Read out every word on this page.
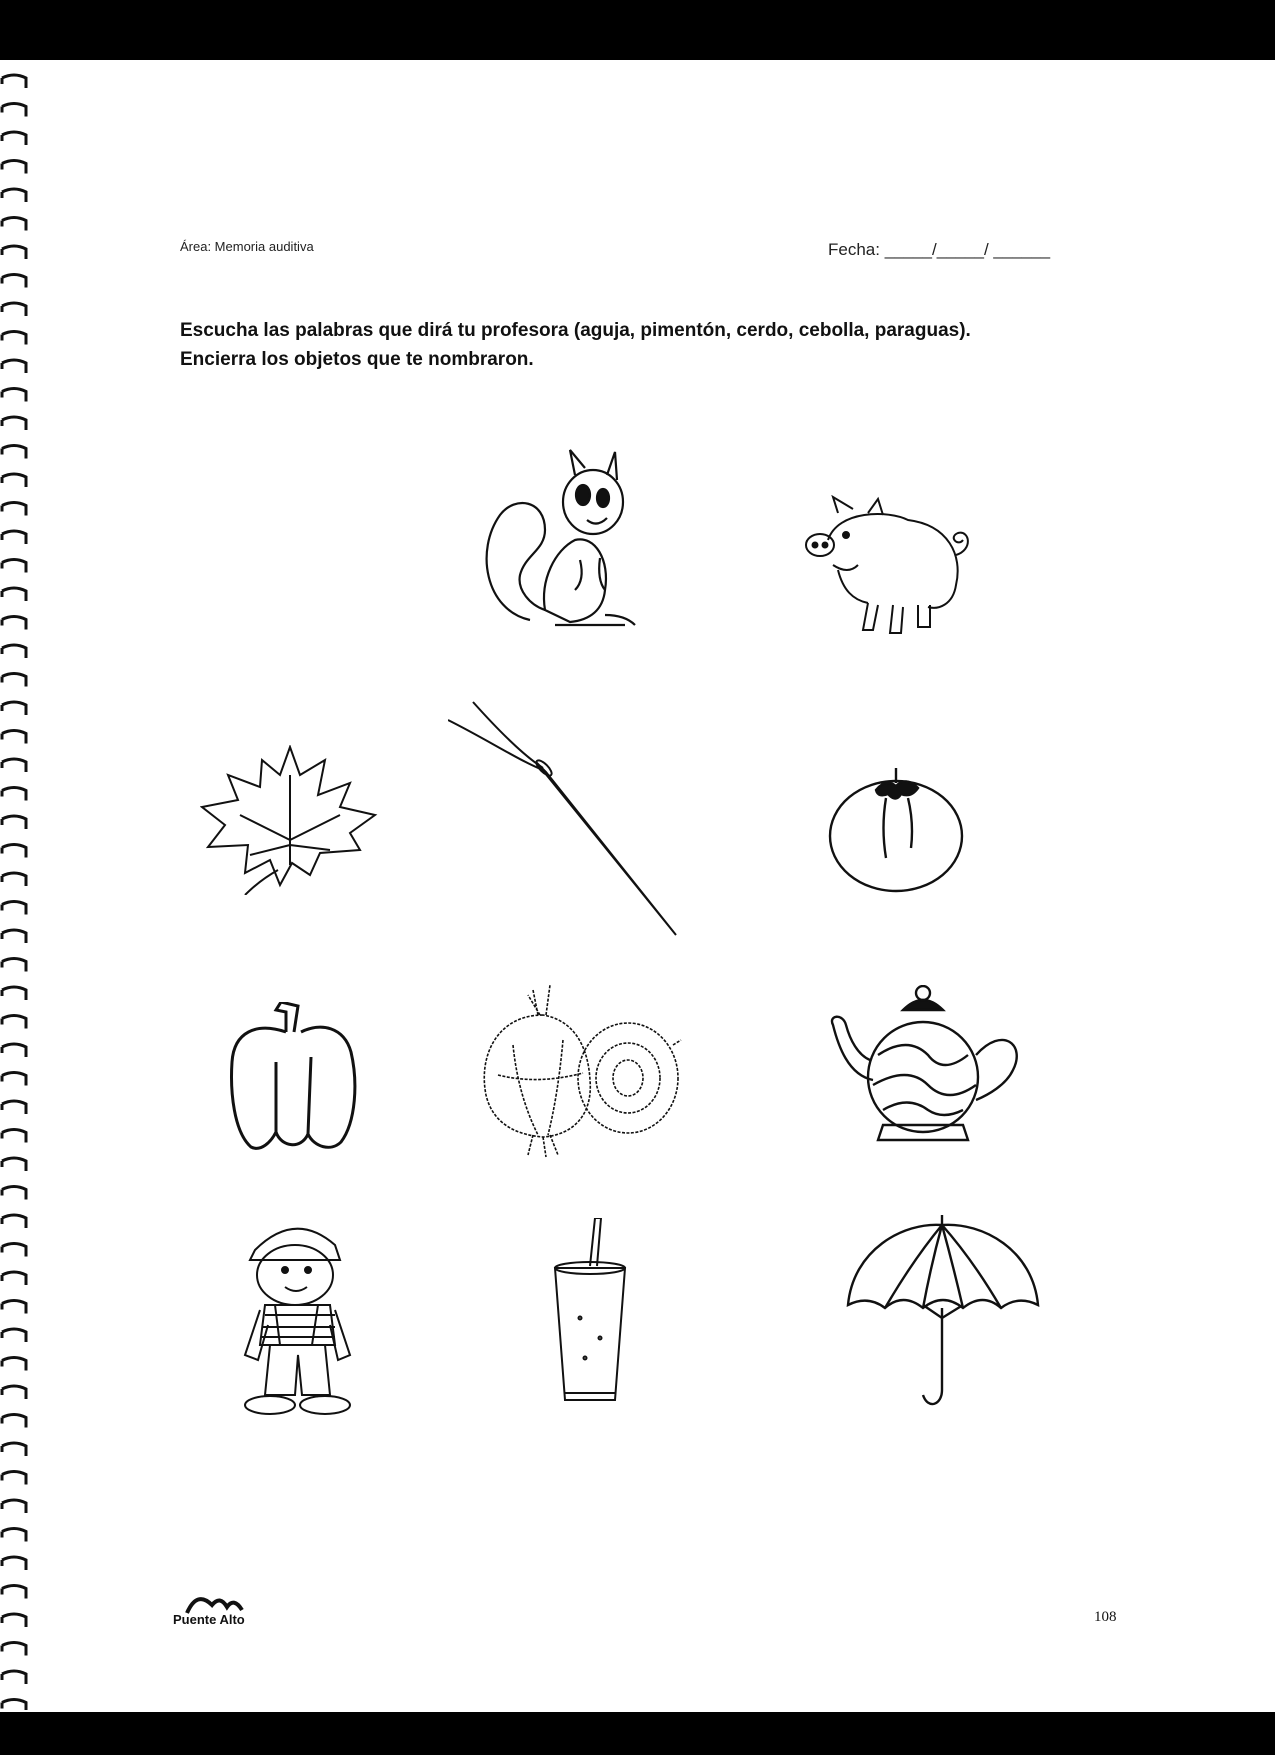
Área: Memoria auditiva	Fecha: _____/_____/ ______
Escucha las palabras que dirá tu profesora (aguja, pimentón, cerdo, cebolla, paraguas).
Encierra los objetos que te nombraron.
Puente Alto	108
